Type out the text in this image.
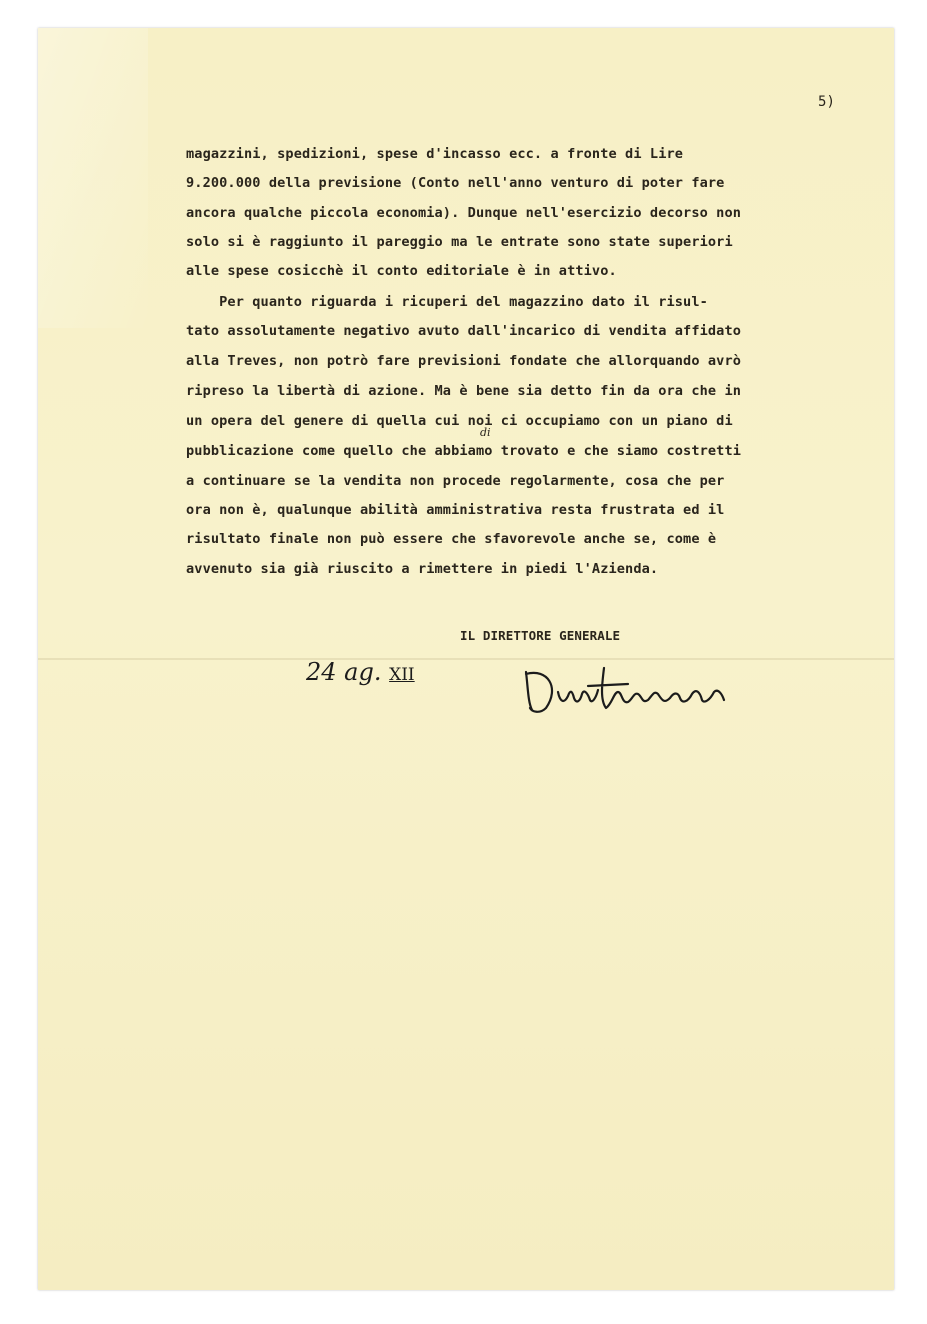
5)
magazzini, spedizioni, spese d'incasso ecc. a fronte di Lire
9.200.000 della previsione (Conto nell'anno venturo di poter fare
ancora qualche piccola economia). Dunque nell'esercizio decorso non
solo si è raggiunto il pareggio ma le entrate sono state superiori
alle spese cosicchè il conto editoriale è in attivo.
Per quanto riguarda i ricuperi del magazzino dato il risul-
tato assolutamente negativo avuto dall'incarico di vendita affidato
alla Treves, non potrò fare previsioni fondate che allorquando avrò
ripreso la libertà di azione. Ma è bene sia detto fin da ora che in
un opera del genere di quella cui noi ci occupiamo con un piano di
pubblicazione come quello che abbiamo trovato e che siamo costretti
a continuare se la vendita non procede regolarmente, cosa che per
ora non è, qualunque abilità amministrativa resta frustrata ed il
risultato finale non può essere che sfavorevole anche se, come è
avvenuto sia già riuscito a rimettere in piedi l'Azienda.
di
IL DIRETTORE GENERALE
24 ag. XII
